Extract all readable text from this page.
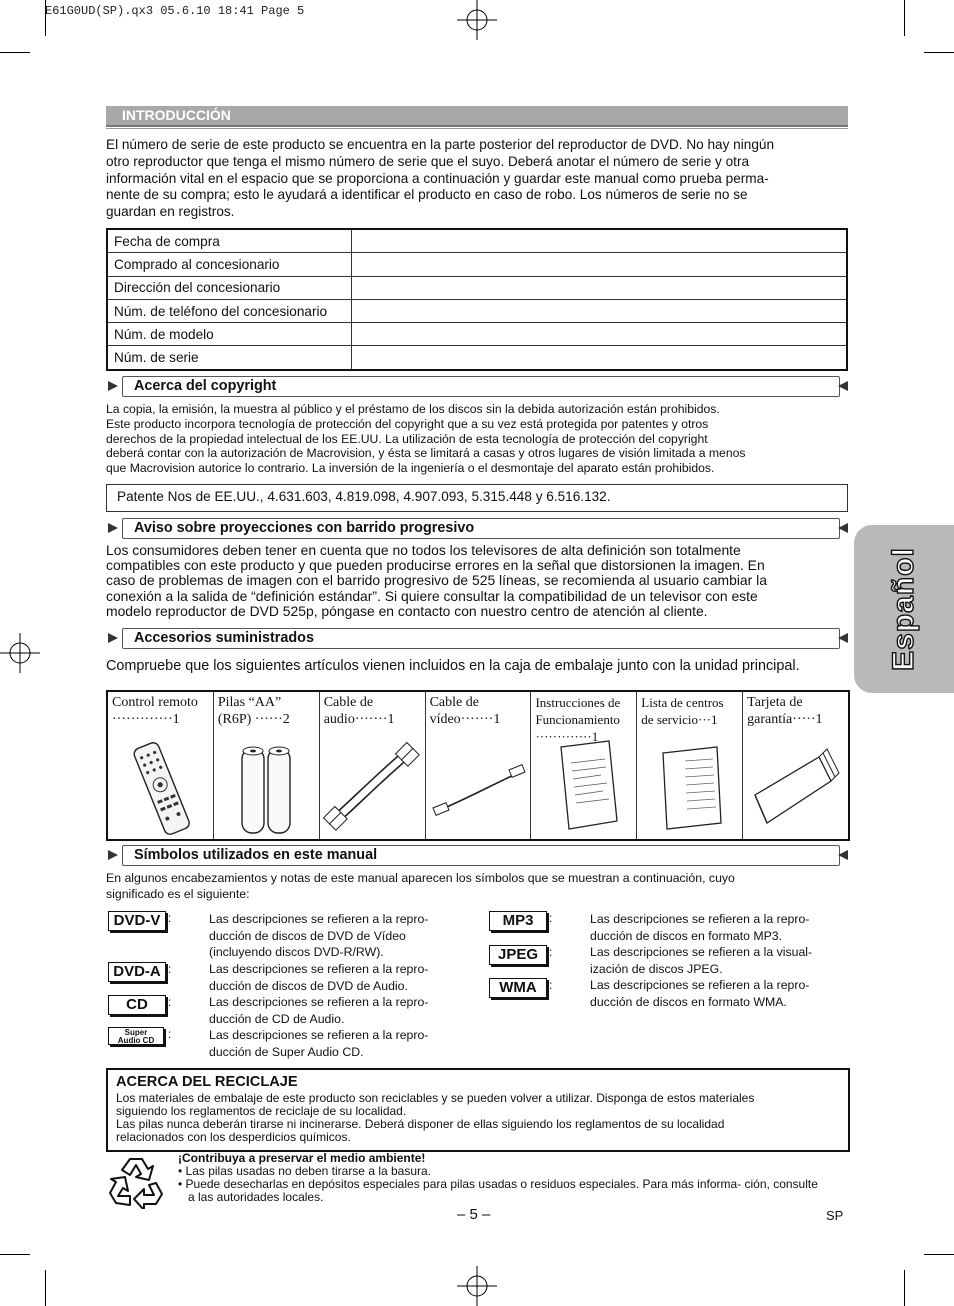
E61G0UD(SP).qx3 05.6.10 18:41 Page 5
INTRODUCCIÓN
El número de serie de este producto se encuentra en la parte posterior del reproductor de DVD. No hay ningún
otro reproductor que tenga el mismo número de serie que el suyo. Deberá anotar el número de serie y otra
información vital en el espacio que se proporciona a continuación y guardar este manual como prueba perma-
nente de su compra; esto le ayudará a identificar el producto en caso de robo. Los números de serie no se
guardan en registros.
Fecha de compra	
Comprado al concesionario	
Dirección del concesionario	
Núm. de teléfono del concesionario	
Núm. de modelo	
Núm. de serie	
Acerca del copyright
La copia, la emisión, la muestra al público y el préstamo de los discos sin la debida autorización están prohibidos.
Este producto incorpora tecnología de protección del copyright que a su vez está protegida por patentes y otros
derechos de la propiedad intelectual de los EE.UU. La utilización de esta tecnología de protección del copyright
deberá contar con la autorización de Macrovision, y ésta se limitará a casas y otros lugares de visión limitada a menos
que Macrovision autorice lo contrario. La inversión de la ingeniería o el desmontaje del aparato están prohibidos.
Patente Nos de EE.UU., 4.631.603, 4.819.098, 4.907.093, 5.315.448 y 6.516.132.
Aviso sobre proyecciones con barrido progresivo
Los consumidores deben tener en cuenta que no todos los televisores de alta definición son totalmente
compatibles con este producto y que pueden producirse errores en la señal que distorsionen la imagen. En
caso de problemas de imagen con el barrido progresivo de 525 líneas, se recomienda al usuario cambiar la
conexión a la salida de “definición estándar”. Si quiere consultar la compatibilidad de un televisor con este
modelo reproductor de DVD 525p, póngase en contacto con nuestro centro de atención al cliente.
Accesorios suministrados
Compruebe que los siguientes artículos vienen incluidos en la caja de embalaje junto con la unidad principal.
Control remoto
·············1
Pilas “AA”
(R6P) ······2
Cable de
audio·······1
Cable de
vídeo·······1
Instrucciones de
Funcionamiento
·············1
Lista de centros
de servicio···1
Tarjeta de
garantía·····1
Símbolos utilizados en este manual
En algunos encabezamientos y notas de este manual aparecen los símbolos que se muestran a continuación, cuyo
significado es el siguiente:
DVD-V :	Las descripciones se refieren a la repro-
ducción de discos de DVD de Vídeo
(incluyendo discos DVD-R/RW).
DVD-A :	Las descripciones se refieren a la repro-
ducción de discos de DVD de Audio.
CD	:	Las descripciones se refieren a la repro-
ducción de CD de Audio.
Super
Audio CD	:	Las descripciones se refieren a la repro-
ducción de Super Audio CD.
MP3	:	Las descripciones se refieren a la repro-
ducción de discos en formato MP3.
JPEG :	Las descripciones se refieren a la visual-
ización de discos JPEG.
WMA	:	Las descripciones se refieren a la repro-
ducción de discos en formato WMA.
ACERCA DEL RECICLAJE
Los materiales de embalaje de este producto son reciclables y se pueden volver a utilizar. Disponga de estos materiales
siguiendo los reglamentos de reciclaje de su localidad.
Las pilas nunca deberán tirarse ni incinerarse. Deberá disponer de ellas siguiendo los reglamentos de su localidad
relacionados con los desperdicios químicos.
¡Contribuya a preservar el medio ambiente!
• Las pilas usadas no deben tirarse a la basura.
• Puede desecharlas en depósitos especiales para pilas usadas o residuos especiales. Para más informa- ción, consulte a las autoridades locales.
– 5 –	SP
Español
